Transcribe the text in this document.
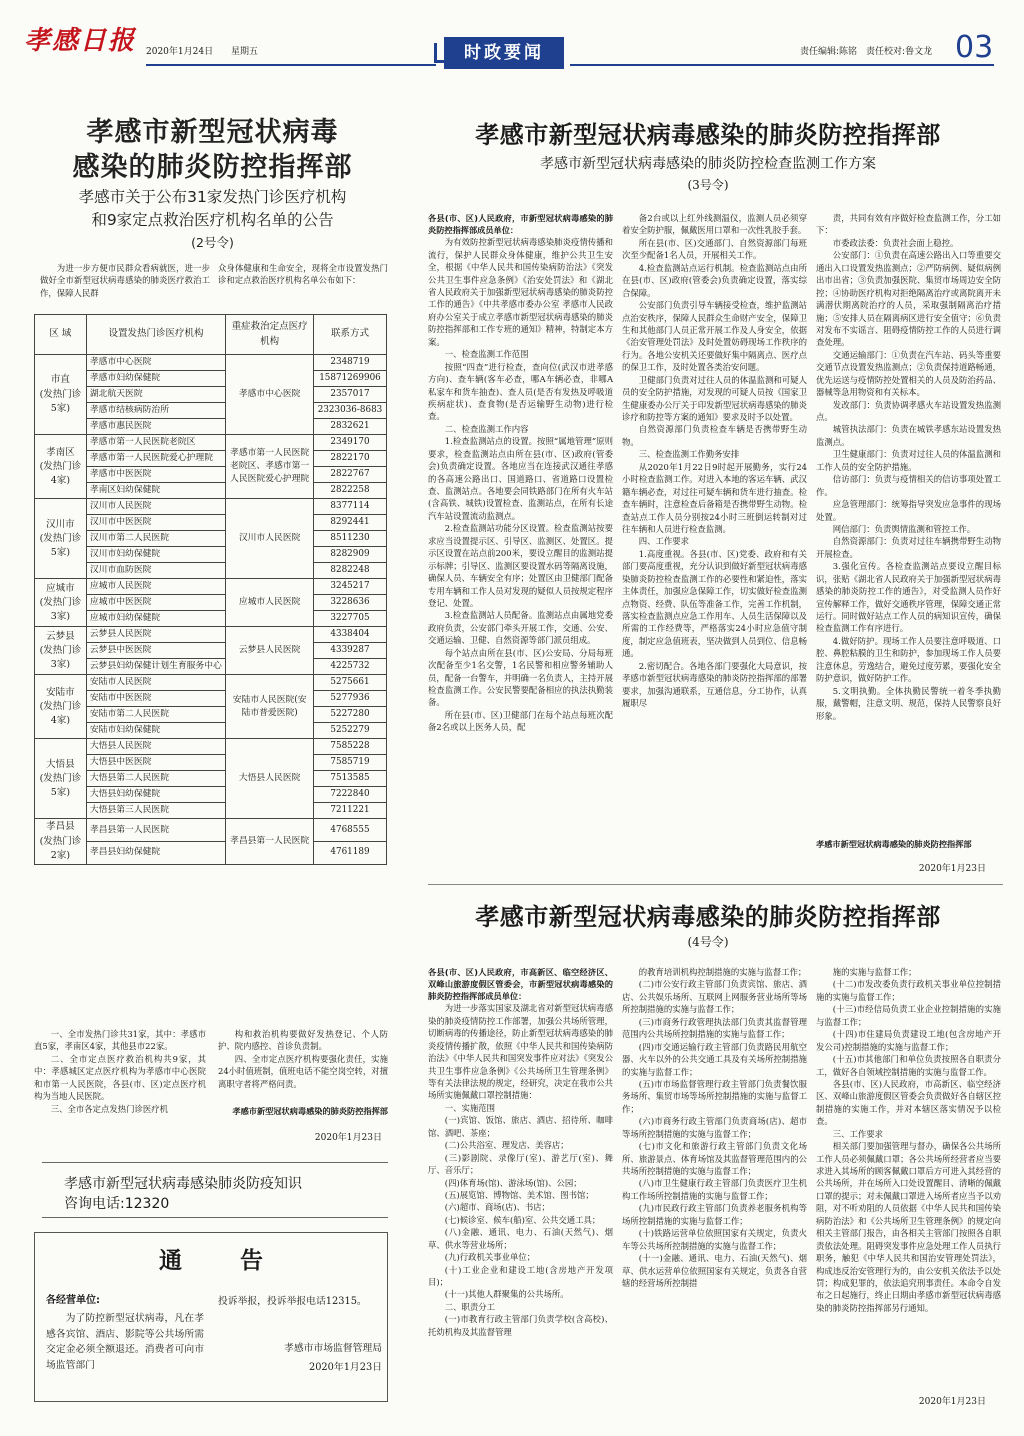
孝感日报 2020年1月24日 星期五	时政要闻	责任编辑:陈铭　责任校对:鲁文龙 03
孝感市新型冠状病毒
感染的肺炎防控指挥部
孝感市关于公布31家发热门诊医疗机构
和9家定点救治医疗机构名单的公告
(2号令)
为进一步方便市民群众看病就医，进一步做好全市新型冠状病毒感染的肺炎医疗救治工作，保障人民群
众身体健康和生命安全，现将全市设置发热门诊和定点救治医疗机构名单公布如下：
区 域	设置发热门诊医疗机构	重症救治定点医疗机构	联系方式
市直
(发热门诊
5家)	孝感市中心医院	孝感市中心医院	2348719
	孝感市妇幼保健院		15871269906
	湖北航天医院		2357017
	孝感市结核病防治所		2323036-8683
	孝感市惠民医院		2832621
孝南区
(发热门诊
4家)	孝感市第一人民医院老院区	孝感市第一人民医院老院区、孝感市第一人民医院爱心护理院	2349170
	孝感市第一人民医院爱心护理院		2822170
	孝感市中医医院		2822767
	孝南区妇幼保健院		2822258
汉川市
(发热门诊
5家)	汉川市人民医院	汉川市人民医院	8377114
	汉川市中医医院		8292441
	汉川市第二人民医院		8511230
	汉川市妇幼保健院		8282909
	汉川市血防医院		8282248
应城市
(发热门诊
3家)	应城市人民医院	应城市人民医院	3245217
	应城市中医医院		3228636
	应城市妇幼保健院		3227705
云梦县
(发热门诊
3家)	云梦县人民医院	云梦县人民医院	4338404
	云梦县中医医院		4339287
	云梦县妇幼保健计划生育服务中心		4225732
安陆市
(发热门诊
4家)	安陆市人民医院	安陆市人民医院(安陆市普爱医院)	5275661
	安陆市中医医院		5277936
	安陆市第二人民医院		5227280
	安陆市妇幼保健院		5252279
大悟县
(发热门诊
5家)	大悟县人民医院	大悟县人民医院	7585228
	大悟县中医医院		7585719
	大悟县第二人民医院		7513585
	大悟县妇幼保健院		7222840
	大悟县第三人民医院		7211221
孝昌县
(发热门诊
2家)	孝昌县第一人民医院	孝昌县第一人民医院	4768555
	孝昌县妇幼保健院		4761189
一、全市发热门诊共31家，其中：孝感市直5家，孝南区4家，其他县市22家。
二、全市定点医疗救治机构共9家，其中：孝感城区定点医疗机构为孝感市中心医院和市第一人民医院，各县(市、区)定点医疗机构为当地人民医院。
三、全市各定点发热门诊医疗机
构和救治机构要做好发热登记、个人防护、院内感控、首诊负责制。
四、全市定点医疗机构要强化责任，实施24小时值班制，值班电话不能空岗空转，对擅离职守者将严格问责。
孝感市新型冠状病毒感染的肺炎防控指挥部
2020年1月23日
孝感市新型冠状病毒感染肺炎防疫知识
咨询电话:12320
通告
各经营单位:
为了防控新型冠状病毒，凡在孝感各宾馆、酒店、影院等公共场所需交定金必须全额退还。消费者可向市场监管部门
投诉举报，投诉举报电话12315。
孝感市市场监督管理局
2020年1月23日
孝感市新型冠状病毒感染的肺炎防控指挥部
孝感市新型冠状病毒感染的肺炎防控检查监测工作方案
(3号令)
各县(市、区)人民政府，市新型冠状病毒感染的肺炎防控指挥部成员单位：
为有效防控新型冠状病毒感染肺炎疫情传播和流行，保护人民群众身体健康，维护公共卫生安全，根据《中华人民共和国传染病防治法》《突发公共卫生事件应急条例》《治安处罚法》和《湖北省人民政府关于加强新型冠状病毒感染的肺炎防控工作的通告》《中共孝感市委办公室 孝感市人民政府办公室关于成立孝感市新型冠状病毒感染的肺炎防控指挥部和工作专班的通知》精神，特制定本方案。
一、检查监测工作范围
按照“四查”进行检查，查向位(武汉市进孝感方向)、查车辆(客车必查，哪A车辆必查，非哪A私家车和货车抽查)、查人员(是否有发热及呼吸道疾病症状)、查食物(是否运输野生动物)进行检查。
二、检查监测工作内容
1.检查监测站点的设置。按照“属地管理”原则要求，检查监测站点由所在县(市、区)政府(管委会)负责确定设置。各地应当在连接武汉通往孝感的各高速公路出口、国道路口、省道路口设置检查、监测站点。各地要会同铁路部门在所有火车站(含高铁、城铁)设置检查、监测站点，在所有长途汽车站设置流动监测点。
2.检查监测站功能分区设置。检查监测站按要求应当设置提示区、引导区、监测区、处置区。提示区设置在站点前200米，要设立醒目的监测站提示标牌；引导区、监测区要设置水码等隔离设施，确保人员、车辆安全有序；处置区由卫健部门配备专用车辆和工作人员对发现的疑似人员按规定程序登记、处置。
3.检查监测站人员配备。监测站点由属地党委政府负责，公安部门牵头开展工作，交通、公安、交通运输、卫健、自然资源等部门派员组成。
每个站点由所在县(市、区)公安局、分局每班次配备至少1名交警，1名民警和相应警务辅助人员，配备一台警车，并明确一名负责人，主持开展检查监测工作。公安民警要配备相应的执法执勤装备。
所在县(市、区)卫健部门在每个站点每班次配备2名或以上医务人员，配
备2台或以上红外线测温仪，监测人员必须穿着安全防护服，佩戴医用口罩和一次性乳胶手套。
所在县(市、区)交通部门、自然资源部门每班次至少配备1名人员，开展相关工作。
4.检查监测站点运行机制。检查监测站点由所在县(市、区)政府(管委会)负责确定设置，落实综合保障。
公安部门负责引导车辆接受检查，维护监测站点治安秩序，保障人民群众生命财产安全，保障卫生和其他部门人员正常开展工作及人身安全，依据《治安管理处罚法》及时处置妨碍现场工作秩序的行为。各地公安机关还要做好集中隔离点、医疗点的保卫工作，及时处置各类治安问题。
卫健部门负责对过往人员的体温监测和可疑人员的安全防护措施，对发现的可疑人员按《国家卫生健康委办公厅关于印发新型冠状病毒感染的肺炎诊疗和防控等方案的通知》要求及时予以处置。
自然资源部门负责检查车辆是否携带野生动物。
三、检查监测工作勤务安排
从2020年1月22日9时起开展勤务，实行24小时检查监测工作。对进入本地的客运车辆、武汉籍车辆必查，对过往可疑车辆和货车进行抽查。检查车辆时，注意检查后备箱是否携带野生动物。检查站点工作人员分别按24小时三班倒运转制对过往车辆和人员进行检查监测。
四、工作要求
1.高度重视。各县(市、区)党委、政府和有关部门要高度重视，充分认识到做好新型冠状病毒感染肺炎防控检查监测工作的必要性和紧迫性，落实主体责任，加强应急保障工作，切实做好检查监测点物资、经费、队伍等准备工作，完善工作机制，落实检查监测点应急工作用车、人员生活保障以及所需的工作经费等，严格落实24小时应急值守制度，制定应急值班表，坚决做到人员到位、信息畅通。
2.密切配合。各地各部门要强化大局意识，按孝感市新型冠状病毒感染的肺炎防控指挥部的部署要求，加强沟通联系，互通信息，分工协作，认真履职尽
责，共同有效有序做好检查监测工作，分工如下：
市委政法委：负责社会面上稳控。
公安部门：①负责在高速公路出入口等重要交通出入口设置发热监测点；②严防病例、疑似病例出市出省；③负责加强医院、集贸市场周边安全防控；④协助医疗机构对拒绝隔离治疗或离院离开未满潜伏期离院治疗的人员，采取强制隔离治疗措施；⑤安排人员在隔离病区进行安全值守；⑥负责对发布不实谣言、阻碍疫情防控工作的人员进行调查处理。
交通运输部门：①负责在汽车站、码头等重要交通节点设置发热监测点；②负责保持道路畅通，优先运送与疫情防控处置相关的人员及防治药品、器械等急用物资和有关标本。
发改部门：负责协调孝感火车站设置发热监测点。
城管执法部门：负责在城铁孝感东站设置发热监测点。
卫生健康部门：负责对过往人员的体温监测和工作人员的安全防护措施。
信访部门：负责与疫情相关的信访事项处置工作。
应急管理部门：统筹指导突发应急事件的现场处置。
网信部门：负责舆情监测和管控工作。
自然资源部门：负责对过往车辆携带野生动物开展检查。
3.强化宣传。各检查监测站点要设立醒目标识，张贴《湖北省人民政府关于加强新型冠状病毒感染的肺炎防控工作的通告》，对受监测人员作好宣传解释工作，做好交通秩序管理，保障交通正常运行。同时做好站点工作人员的病知识宣传，确保检查监测工作有序进行。
4.做好防护。现场工作人员要注意呼吸道、口腔、鼻腔粘膜的卫生和防护，参加现场工作人员要注意休息，劳逸结合，避免过度劳累，要强化安全防护意识，做好防护工作。
5.文明执勤。全体执勤民警统一着冬季执勤服，戴警帽，注意文明、规范，保持人民警察良好形象。
孝感市新型冠状病毒感染的肺炎防控指挥部
2020年1月23日
孝感市新型冠状病毒感染的肺炎防控指挥部
(4号令)
各县(市、区)人民政府，市高新区、临空经济区、双峰山旅游度假区管委会，市新型冠状病毒感染的肺炎防控指挥部成员单位：
为进一步落实国家及湖北省对新型冠状病毒感染的肺炎疫情防控工作部署，加强公共场所管理，切断病毒的传播途径，防止新型冠状病毒感染的肺炎疫情传播扩散，依照《中华人民共和国传染病防治法》《中华人民共和国突发事件应对法》《突发公共卫生事件应急条例》《公共场所卫生管理条例》等有关法律法规的规定，经研究，决定在我市公共场所实施佩戴口罩控制措施：
一、实施范围
(一)宾馆、饭馆、旅店、酒店、招待所、咖啡馆、酒吧、茶座；
(二)公共浴室、理发店、美容店；
(三)影剧院、录像厅(室)、游艺厅(室)、舞厅、音乐厅；
(四)体育场(馆)、游泳场(馆)、公园；
(五)展览馆、博物馆、美术馆、图书馆；
(六)超市、商场(店)、书店；
(七)候诊室、候车(船)室、公共交通工具；
(八)金融、通讯、电力、石油(天然气)、烟草、供水等营业场所；
(九)行政机关事业单位；
(十)工业企业和建设工地(含房地产开发项目)；
(十一)其他人群聚集的公共场所。
二、职责分工
(一)市教育行政主管部门负责学校(含高校)、托幼机构及其监督管理
的教育培训机构控制措施的实施与监督工作；
(二)市公安行政主管部门负责宾馆、旅店、酒店、公共娱乐场所、互联网上网服务营业场所等场所控制措施的实施与监督工作；
(三)市商务行政管理执法部门负责其监督管理范围内公共场所控制措施的实施与监督工作；
(四)市交通运输行政主管部门负责路民用航空器、火车以外的公共交通工具及有关场所控制措施的实施与监督工作；
(五)市市场监督管理行政主管部门负责餐饮服务场所、集贸市场等场所控制措施的实施与监督工作；
(六)市商务行政主管部门负责商场(店)、超市等场所控制措施的实施与监督工作；
(七)市文化和旅游行政主管部门负责文化场所、旅游景点、体育场馆及其监督管理范围内的公共场所控制措施的实施与监督工作；
(八)市卫生健康行政主管部门负责医疗卫生机构工作场所控制措施的实施与监督工作；
(九)市民政行政主管部门负责养老服务机构等场所控制措施的实施与监督工作；
(十)铁路运营单位依照国家有关规定，负责火车等公共场所控制措施的实施与监督工作；
(十一)金融、通讯、电力、石油(天然气)、烟草、供水运营单位依照国家有关规定，负责各自营辖的经营场所控制措
施的实施与监督工作；
(十二)市发改委负责行政机关事业单位控制措施的实施与监督工作；
(十三)市经信局负责工业企业控制措施的实施与监督工作；
(十四)市住建局负责建设工地(包含房地产开发公司)控制措施的实施与监督工作；
(十五)市其他部门和单位负责按照各自职责分工，做好各自领域控制措施的实施与监督工作。
各县(市、区)人民政府，市高新区、临空经济区、双峰山旅游度假区管委会负责做好各自辖区控制措施的实施工作，并对本辖区落实情况予以检查。
三、工作要求
相关部门要加强管理与督办，确保各公共场所工作人员必须佩戴口罩；各公共场所经营者应当要求进入其场所的顾客佩戴口罩后方可进入其经营的公共场所，并在场所入口处设置醒目、清晰的佩戴口罩的提示；对未佩戴口罩进入场所者应当予以劝阻，对不听劝阻的人员依据《中华人民共和国传染病防治法》和《公共场所卫生管理条例》的规定向相关主管部门报告，由各相关主管部门按照各自职责依法处理。阻碍突发事件应急处理工作人员执行职务，触犯《中华人民共和国治安管理处罚法》，构成违反治安管理行为的，由公安机关依法予以处罚；构成犯罪的，依法追究刑事责任。本命令自发布之日起施行，终止日期由孝感市新型冠状病毒感染的肺炎防控指挥部另行通知。
2020年1月23日
